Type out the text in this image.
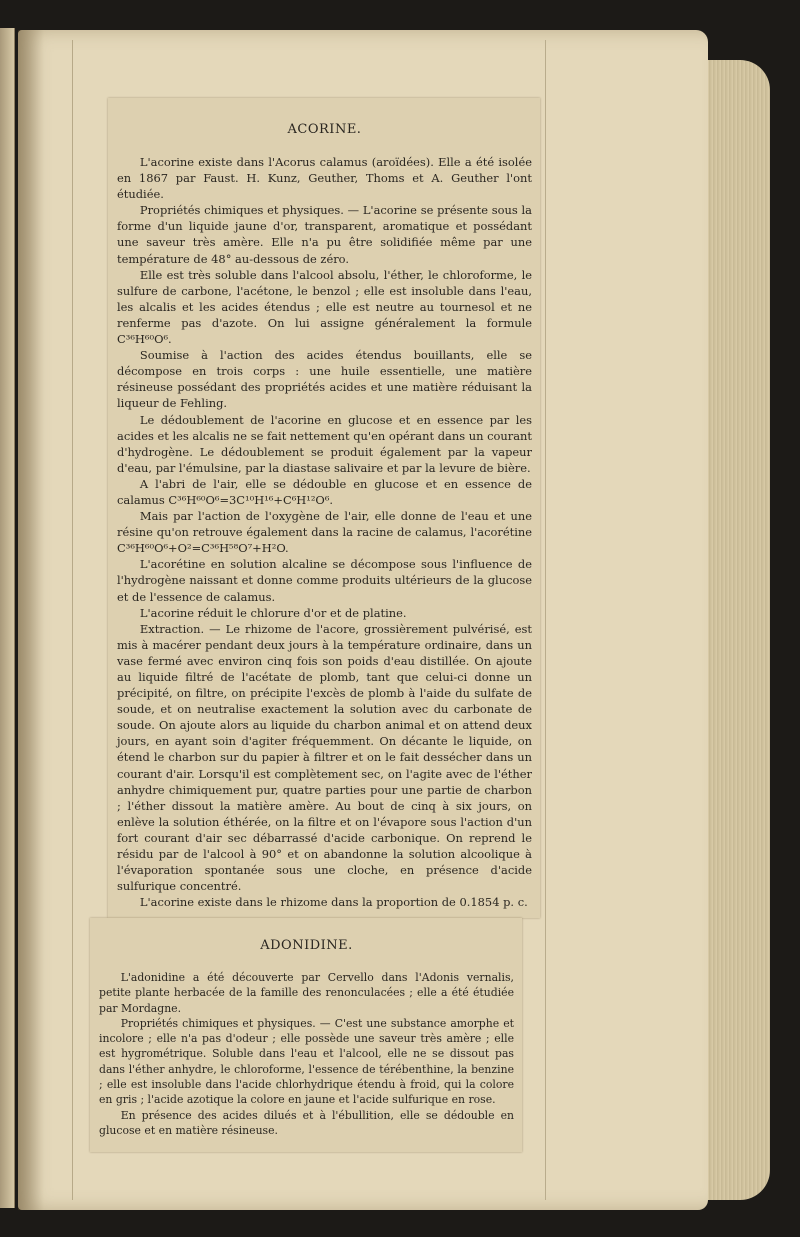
ACORINE.

L'acorine existe dans l'Acorus calamus (aroïdées). Elle a été isolée en 1867 par Faust. H. Kunz, Geuther, Thoms et A. Geuther l'ont étudiée.

Propriétés chimiques et physiques. — L'acorine se présente sous la forme d'un liquide jaune d'or, transparent, aromatique et possédant une saveur très amère. Elle n'a pu être solidifiée même par une température de 48° au-dessous de zéro.

Elle est très soluble dans l'alcool absolu, l'éther, le chloroforme, le sulfure de carbone, l'acétone, le benzol ; elle est insoluble dans l'eau, les alcalis et les acides étendus ; elle est neutre au tournesol et ne renferme pas d'azote. On lui assigne généralement la formule C³⁶H⁶⁰O⁶.

Soumise à l'action des acides étendus bouillants, elle se décompose en trois corps : une huile essentielle, une matière résineuse possédant des propriétés acides et une matière réduisant la liqueur de Fehling.

Le dédoublement de l'acorine en glucose et en essence par les acides et les alcalis ne se fait nettement qu'en opérant dans un courant d'hydrogène. Le dédoublement se produit également par la vapeur d'eau, par l'émulsine, par la diastase salivaire et par la levure de bière.

A l'abri de l'air, elle se dédouble en glucose et en essence de calamus C³⁶H⁶⁰O⁶=3C¹⁰H¹⁶+C⁶H¹²O⁶.

Mais par l'action de l'oxygène de l'air, elle donne de l'eau et une résine qu'on retrouve également dans la racine de calamus, l'acorétine C³⁶H⁶⁰O⁶+O²=C³⁶H⁵⁸O⁷+H²O.

L'acorétine en solution alcaline se décompose sous l'influence de l'hydrogène naissant et donne comme produits ultérieurs de la glucose et de l'essence de calamus.

L'acorine réduit le chlorure d'or et de platine.

Extraction. — Le rhizome de l'acore, grossièrement pulvérisé, est mis à macérer pendant deux jours à la température ordinaire, dans un vase fermé avec environ cinq fois son poids d'eau distillée. On ajoute au liquide filtré de l'acétate de plomb, tant que celui-ci donne un précipité, on filtre, on précipite l'excès de plomb à l'aide du sulfate de soude, et on neutralise exactement la solution avec du carbonate de soude. On ajoute alors au liquide du charbon animal et on attend deux jours, en ayant soin d'agiter fréquemment. On décante le liquide, on étend le charbon sur du papier à filtrer et on le fait dessécher dans un courant d'air. Lorsqu'il est complètement sec, on l'agite avec de l'éther anhydre chimiquement pur, quatre parties pour une partie de charbon ; l'éther dissout la matière amère. Au bout de cinq à six jours, on enlève la solution éthérée, on la filtre et on l'évapore sous l'action d'un fort courant d'air sec débarrassé d'acide carbonique. On reprend le résidu par de l'alcool à 90° et on abandonne la solution alcoolique à l'évaporation spontanée sous une cloche, en présence d'acide sulfurique concentré.

L'acorine existe dans le rhizome dans la proportion de 0.1854 p. c.

ADONIDINE.

L'adonidine a été découverte par Cervello dans l'Adonis vernalis, petite plante herbacée de la famille des renonculacées ; elle a été étudiée par Mordagne.

Propriétés chimiques et physiques. — C'est une substance amorphe et incolore ; elle n'a pas d'odeur ; elle possède une saveur très amère ; elle est hygrométrique. Soluble dans l'eau et l'alcool, elle ne se dissout pas dans l'éther anhydre, le chloroforme, l'essence de térébenthine, la benzine ; elle est insoluble dans l'acide chlorhydrique étendu à froid, qui la colore en gris ; l'acide azotique la colore en jaune et l'acide sulfurique en rose.

En présence des acides dilués et à l'ébullition, elle se dédouble en glucose et en matière résineuse.
